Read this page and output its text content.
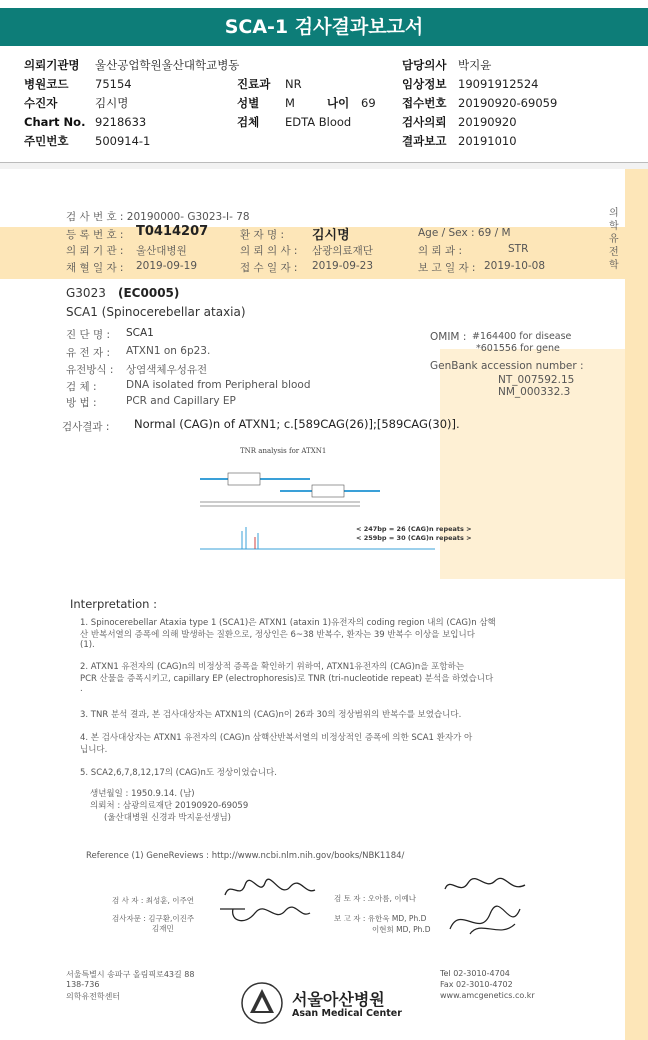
SCA-1 검사결과보고서
의뢰기관명 울산공업학원울산대학교병동	담당의사 박지윤
병원코드 75154	진료과 NR	임상정보 19091912524
수진자	김시명	성별 M	나이 69 접수번호 20190920-69059
Chart No. 9218633	검체 EDTA Blood	검사의뢰 20190920
주민번호 500914-1	결과보고 20191010
의학유전학
검 사 번 호 : 20190000- G3023-I- 78
등 록 번 호 : T0414207	환 자 명 : 김시명	Age / Sex : 69 / M
의 뢰 기 관 : 울산대병원	의 뢰 의 사 : 삼광의료재단	의 뢰 과 :	STR
채 혈 일 자 : 2019-09-19	접 수 일 자 : 2019-09-23	보 고 일 자 : 2019-10-08
G3023 (EC0005)
SCA1 (Spinocerebellar ataxia)
진 단 명 : SCA1
유 전 자 : ATXN1 on 6p23.
유전방식 : 상염색체우성유전
검 체 :	DNA isolated from Peripheral blood
방 법 :	PCR and Capillary EP
OMIM : #164400 for disease
*601556 for gene
GenBank accession number :
NT_007592.15
NM_000332.3
검사결과 : Normal (CAG)n of ATXN1; c.[589CAG(26)];[589CAG(30)].
TNR analysis for ATXN1
< 247bp = 26 (CAG)n repeats >
< 259bp = 30 (CAG)n repeats >
Interpretation :
1. Spinocerebellar Ataxia type 1 (SCA1)은 ATXN1 (ataxin 1)유전자의 coding region 내의 (CAG)n 삼핵
산 반복서열의 증폭에 의해 발생하는 질환으로, 정상인은 6~38 반복수, 환자는 39 반복수 이상을 보입니다
(1).
2. ATXN1 유전자의 (CAG)n의 비정상적 증폭을 확인하기 위하여, ATXN1유전자의 (CAG)n을 포함하는
PCR 산물을 증폭시키고, capillary EP (electrophoresis)로 TNR (tri-nucleotide repeat) 분석을 하였습니다
.
3. TNR 분석 결과, 본 검사대상자는 ATXN1의 (CAG)n이 26과 30의 정상범위의 반복수를 보였습니다.
4. 본 검사대상자는 ATXN1 유전자의 (CAG)n 삼핵산반복서열의 비정상적인 증폭에 의한 SCA1 환자가 아
닙니다.
5. SCA2,6,7,8,12,17의 (CAG)n도 정상이었습니다.
생년월일 : 1950.9.14. (남)
의뢰처 : 삼광의료재단 20190920-69059
(울산대병원 신경과 박지윤선생님)
Reference (1) GeneReviews : http://www.ncbi.nlm.nih.gov/books/NBK1184/
검 사 자 : 최성훈, 이주연	검 토 자 : 오아름, 이예나
검사자문 : 김구환,이진주
김재민
보 고 자 : 유한욱 MD, Ph.D
이현희 MD, Ph.D
서울특별시 송파구 올림픽로43길 88
138-736
의학유전학센터	서울아산병원
Asan Medical Center
Tel 02-3010-4704
Fax 02-3010-4702
www.amcgenetics.co.kr
